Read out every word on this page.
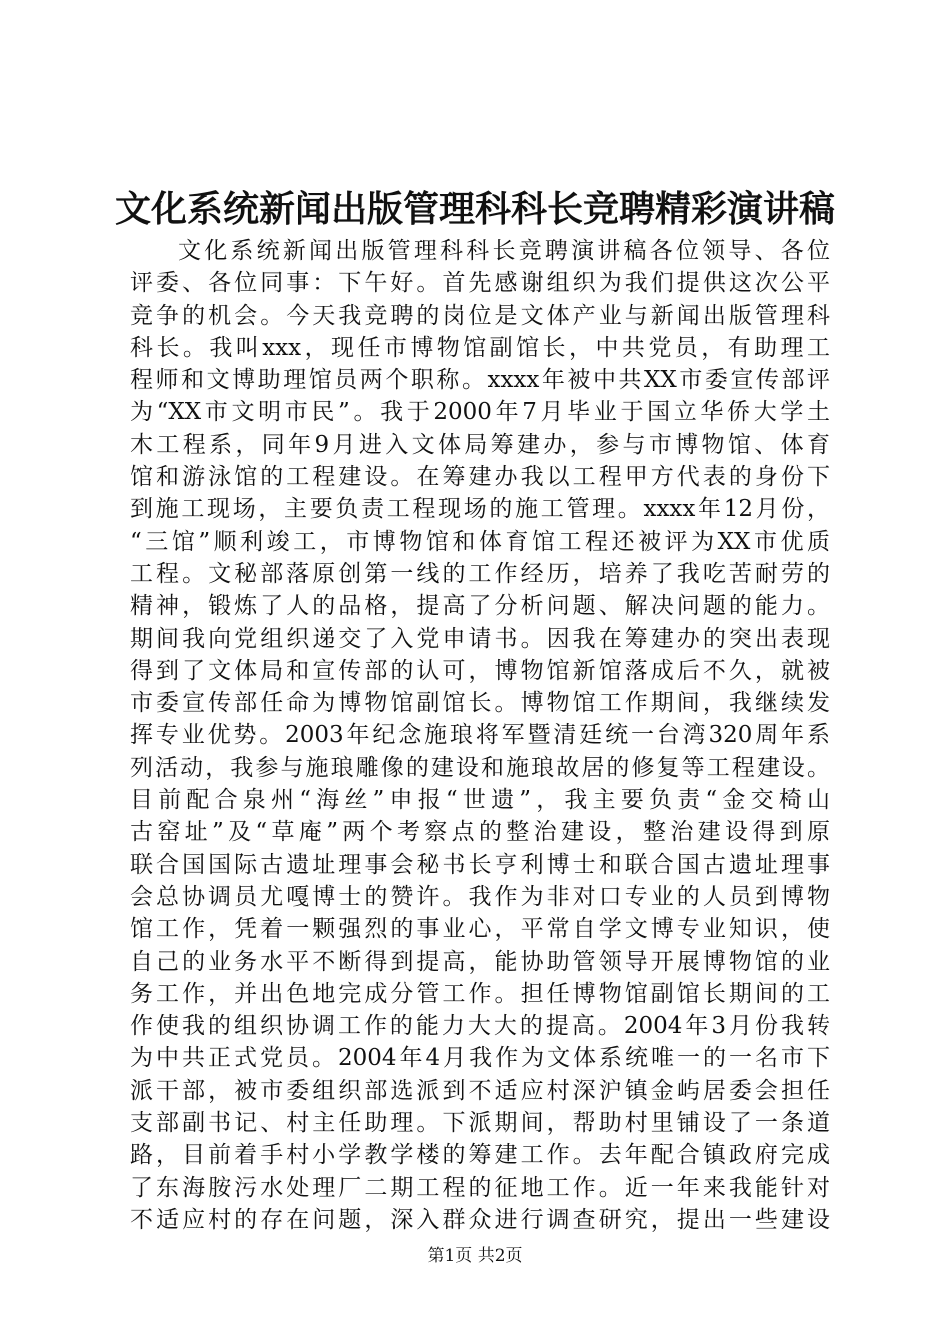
文化系统新闻出版管理科科长竞聘精彩演讲稿
文化系统新闻出版管理科科长竞聘演讲稿各位领导、各位
评委、各位同事：下午好。首先感谢组织为我们提供这次公平
竞争的机会。今天我竞聘的岗位是文体产业与新闻出版管理科
科长。我叫xxx，现任市博物馆副馆长，中共党员，有助理工
程师和文博助理馆员两个职称。xxxx年被中共XX市委宣传部评
为“XX市文明市民”。我于2000年7月毕业于国立华侨大学土
木工程系，同年9月进入文体局筹建办，参与市博物馆、体育
馆和游泳馆的工程建设。在筹建办我以工程甲方代表的身份下
到施工现场，主要负责工程现场的施工管理。xxxx年12月份，
“三馆”顺利竣工，市博物馆和体育馆工程还被评为XX市优质
工程。文秘部落原创第一线的工作经历，培养了我吃苦耐劳的
精神，锻炼了人的品格，提高了分析问题、解决问题的能力。
期间我向党组织递交了入党申请书。因我在筹建办的突出表现
得到了文体局和宣传部的认可，博物馆新馆落成后不久，就被
市委宣传部任命为博物馆副馆长。博物馆工作期间，我继续发
挥专业优势。2003年纪念施琅将军暨清廷统一台湾320周年系
列活动，我参与施琅雕像的建设和施琅故居的修复等工程建设。
目前配合泉州“海丝”申报“世遗”，我主要负责“金交椅山
古窑址”及“草庵”两个考察点的整治建设，整治建设得到原
联合国国际古遗址理事会秘书长亨利博士和联合国古遗址理事
会总协调员尤嘎博士的赞许。我作为非对口专业的人员到博物
馆工作，凭着一颗强烈的事业心，平常自学文博专业知识，使
自己的业务水平不断得到提高，能协助管领导开展博物馆的业
务工作，并出色地完成分管工作。担任博物馆副馆长期间的工
作使我的组织协调工作的能力大大的提高。2004年3月份我转
为中共正式党员。2004年4月我作为文体系统唯一的一名市下
派干部，被市委组织部选派到不适应村深沪镇金屿居委会担任
支部副书记、村主任助理。下派期间，帮助村里铺设了一条道
路，目前着手村小学教学楼的筹建工作。去年配合镇政府完成
了东海胺污水处理厂二期工程的征地工作。近一年来我能针对
不适应村的存在问题，深入群众进行调查研究，提出一些建设
第1页 共2页
